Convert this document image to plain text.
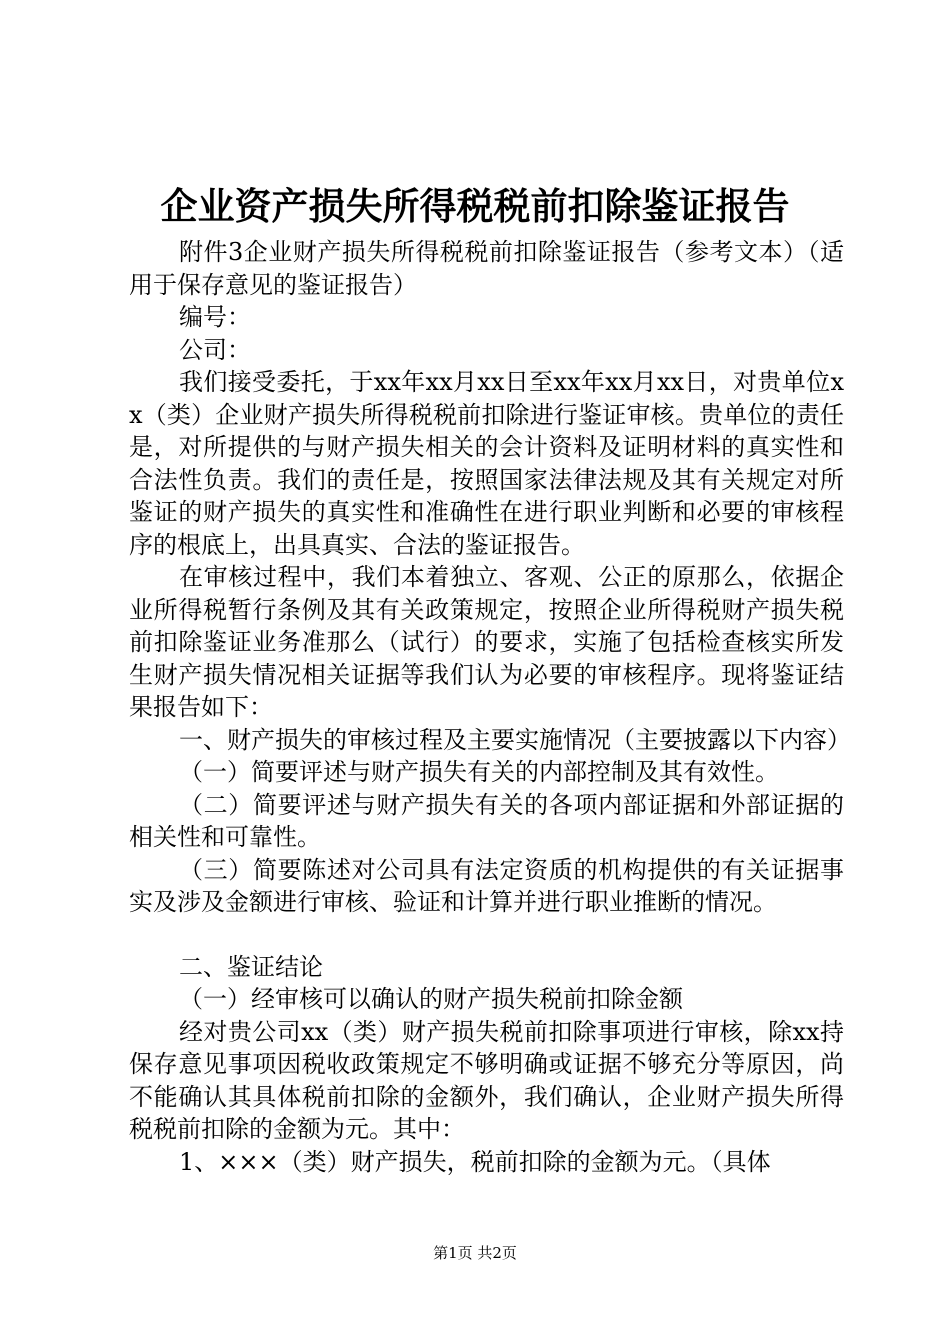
企业资产损失所得税税前扣除鉴证报告

附件3企业财产损失所得税税前扣除鉴证报告（参考文本）（适用于保存意见的鉴证报告）

编号：

公司：

我们接受委托，于xx年xx月xx日至xx年xx月xx日，对贵单位xx（类）企业财产损失所得税税前扣除进行鉴证审核。贵单位的责任是，对所提供的与财产损失相关的会计资料及证明材料的真实性和合法性负责。我们的责任是，按照国家法律法规及其有关规定对所鉴证的财产损失的真实性和准确性在进行职业判断和必要的审核程序的根底上，出具真实、合法的鉴证报告。

在审核过程中，我们本着独立、客观、公正的原那么，依据企业所得税暂行条例及其有关政策规定，按照企业所得税财产损失税前扣除鉴证业务准那么（试行）的要求，实施了包括检查核实所发生财产损失情况相关证据等我们认为必要的审核程序。现将鉴证结果报告如下：

一、财产损失的审核过程及主要实施情况（主要披露以下内容）

（一）简要评述与财产损失有关的内部控制及其有效性。

（二）简要评述与财产损失有关的各项内部证据和外部证据的相关性和可靠性。

（三）简要陈述对公司具有法定资质的机构提供的有关证据事实及涉及金额进行审核、验证和计算并进行职业推断的情况。

二、鉴证结论

（一）经审核可以确认的财产损失税前扣除金额

经对贵公司xx（类）财产损失税前扣除事项进行审核，除xx持保存意见事项因税收政策规定不够明确或证据不够充分等原因，尚不能确认其具体税前扣除的金额外，我们确认，企业财产损失所得税税前扣除的金额为元。其中：

1、×××（类）财产损失，税前扣除的金额为元。（具体

第1页 共2页
